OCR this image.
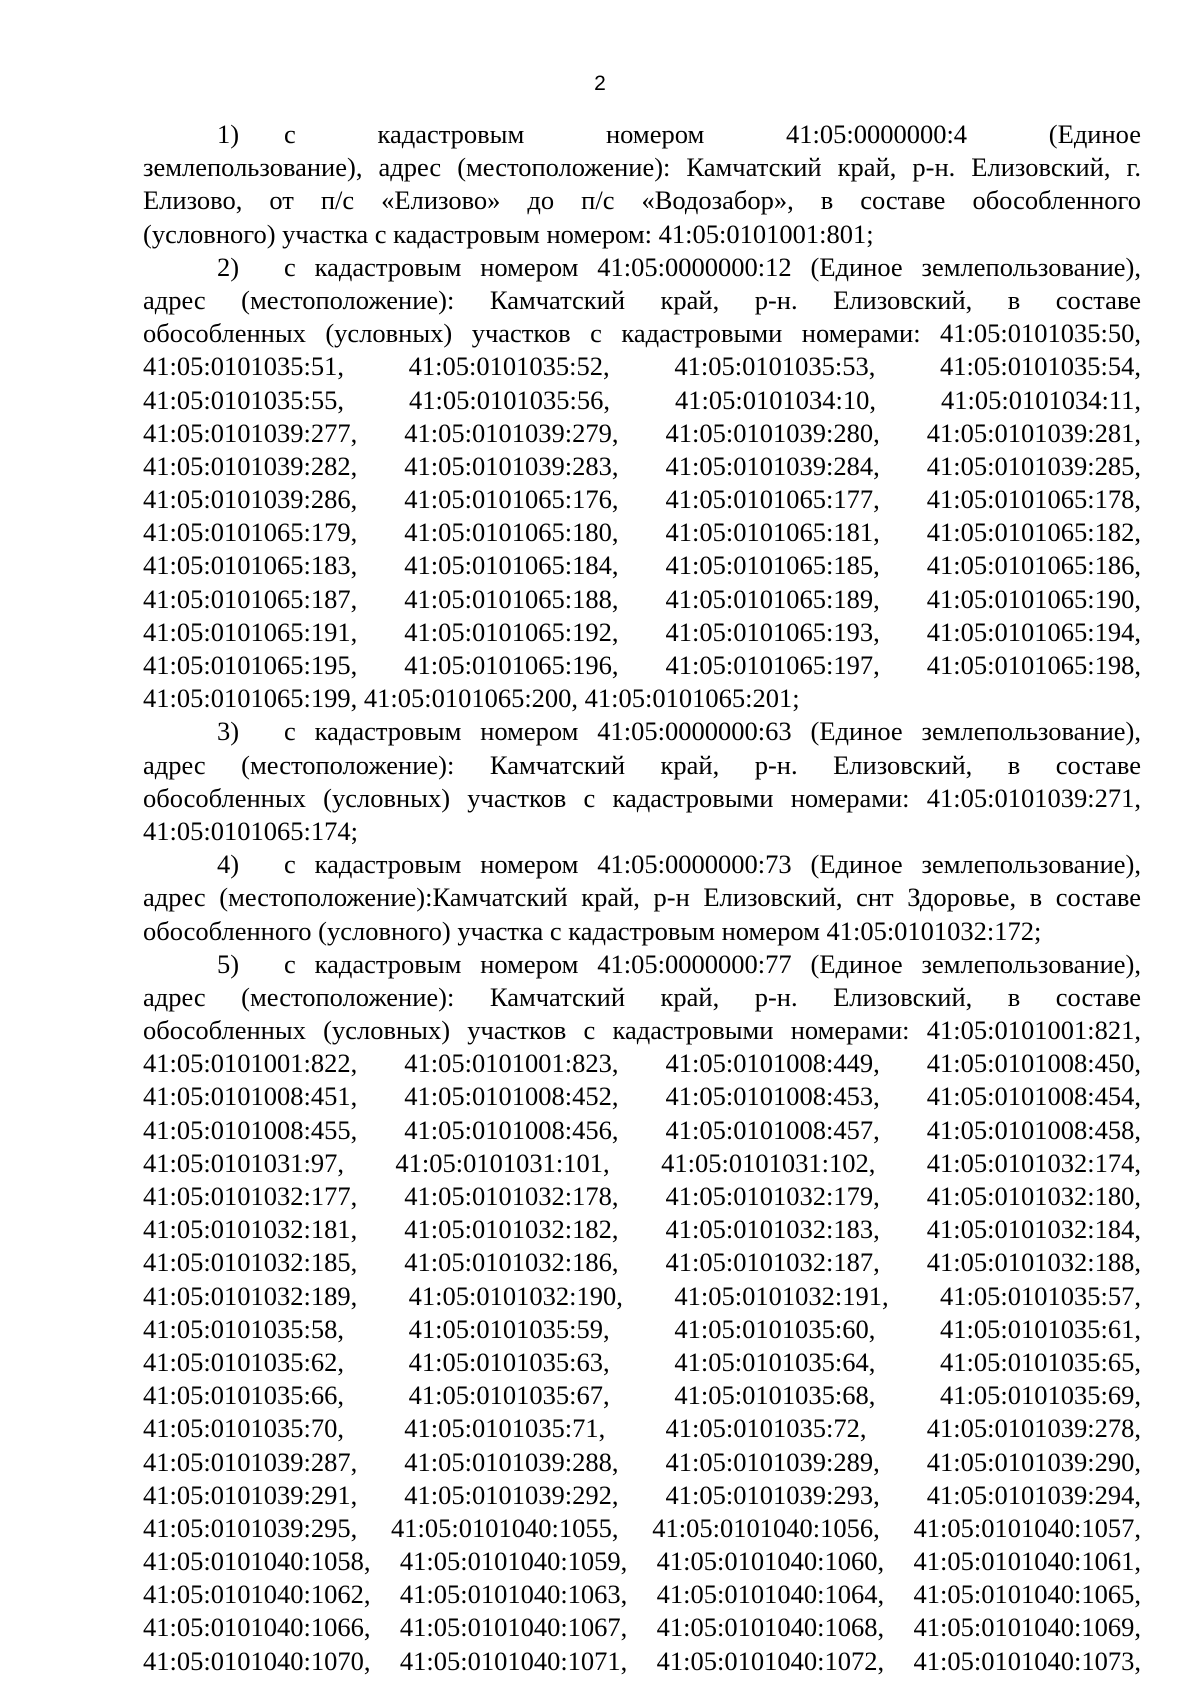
2
1) с кадастровым номером 41:05:0000000:4 (Единое
землепользование), адрес (местоположение): Камчатский край, р-н. Елизовский, г.
Елизово, от п/с «Елизово» до п/с «Водозабор», в составе обособленного
(условного) участка с кадастровым номером: 41:05:0101001:801;
2) с кадастровым номером 41:05:0000000:12 (Единое землепользование),
адрес (местоположение): Камчатский край, р-н. Елизовский, в составе
обособленных (условных) участков с кадастровыми номерами: 41:05:0101035:50,
41:05:0101035:51, 41:05:0101035:52, 41:05:0101035:53, 41:05:0101035:54,
41:05:0101035:55, 41:05:0101035:56, 41:05:0101034:10, 41:05:0101034:11,
41:05:0101039:277, 41:05:0101039:279, 41:05:0101039:280, 41:05:0101039:281,
41:05:0101039:282, 41:05:0101039:283, 41:05:0101039:284, 41:05:0101039:285,
41:05:0101039:286, 41:05:0101065:176, 41:05:0101065:177, 41:05:0101065:178,
41:05:0101065:179, 41:05:0101065:180, 41:05:0101065:181, 41:05:0101065:182,
41:05:0101065:183, 41:05:0101065:184, 41:05:0101065:185, 41:05:0101065:186,
41:05:0101065:187, 41:05:0101065:188, 41:05:0101065:189, 41:05:0101065:190,
41:05:0101065:191, 41:05:0101065:192, 41:05:0101065:193, 41:05:0101065:194,
41:05:0101065:195, 41:05:0101065:196, 41:05:0101065:197, 41:05:0101065:198,
41:05:0101065:199, 41:05:0101065:200, 41:05:0101065:201;
3) с кадастровым номером 41:05:0000000:63 (Единое землепользование),
адрес (местоположение): Камчатский край, р-н. Елизовский, в составе
обособленных (условных) участков с кадастровыми номерами: 41:05:0101039:271,
41:05:0101065:174;
4) с кадастровым номером 41:05:0000000:73 (Единое землепользование),
адрес (местоположение):Камчатский край, р-н Елизовский, снт Здоровье, в составе
обособленного (условного) участка с кадастровым номером 41:05:0101032:172;
5) с кадастровым номером 41:05:0000000:77 (Единое землепользование),
адрес (местоположение): Камчатский край, р-н. Елизовский, в составе
обособленных (условных) участков с кадастровыми номерами: 41:05:0101001:821,
41:05:0101001:822, 41:05:0101001:823, 41:05:0101008:449, 41:05:0101008:450,
41:05:0101008:451, 41:05:0101008:452, 41:05:0101008:453, 41:05:0101008:454,
41:05:0101008:455, 41:05:0101008:456, 41:05:0101008:457, 41:05:0101008:458,
41:05:0101031:97, 41:05:0101031:101, 41:05:0101031:102, 41:05:0101032:174,
41:05:0101032:177, 41:05:0101032:178, 41:05:0101032:179, 41:05:0101032:180,
41:05:0101032:181, 41:05:0101032:182, 41:05:0101032:183, 41:05:0101032:184,
41:05:0101032:185, 41:05:0101032:186, 41:05:0101032:187, 41:05:0101032:188,
41:05:0101032:189, 41:05:0101032:190, 41:05:0101032:191, 41:05:0101035:57,
41:05:0101035:58, 41:05:0101035:59, 41:05:0101035:60, 41:05:0101035:61,
41:05:0101035:62, 41:05:0101035:63, 41:05:0101035:64, 41:05:0101035:65,
41:05:0101035:66, 41:05:0101035:67, 41:05:0101035:68, 41:05:0101035:69,
41:05:0101035:70, 41:05:0101035:71, 41:05:0101035:72, 41:05:0101039:278,
41:05:0101039:287, 41:05:0101039:288, 41:05:0101039:289, 41:05:0101039:290,
41:05:0101039:291, 41:05:0101039:292, 41:05:0101039:293, 41:05:0101039:294,
41:05:0101039:295, 41:05:0101040:1055, 41:05:0101040:1056, 41:05:0101040:1057,
41:05:0101040:1058, 41:05:0101040:1059, 41:05:0101040:1060, 41:05:0101040:1061,
41:05:0101040:1062, 41:05:0101040:1063, 41:05:0101040:1064, 41:05:0101040:1065,
41:05:0101040:1066, 41:05:0101040:1067, 41:05:0101040:1068, 41:05:0101040:1069,
41:05:0101040:1070, 41:05:0101040:1071, 41:05:0101040:1072, 41:05:0101040:1073,
